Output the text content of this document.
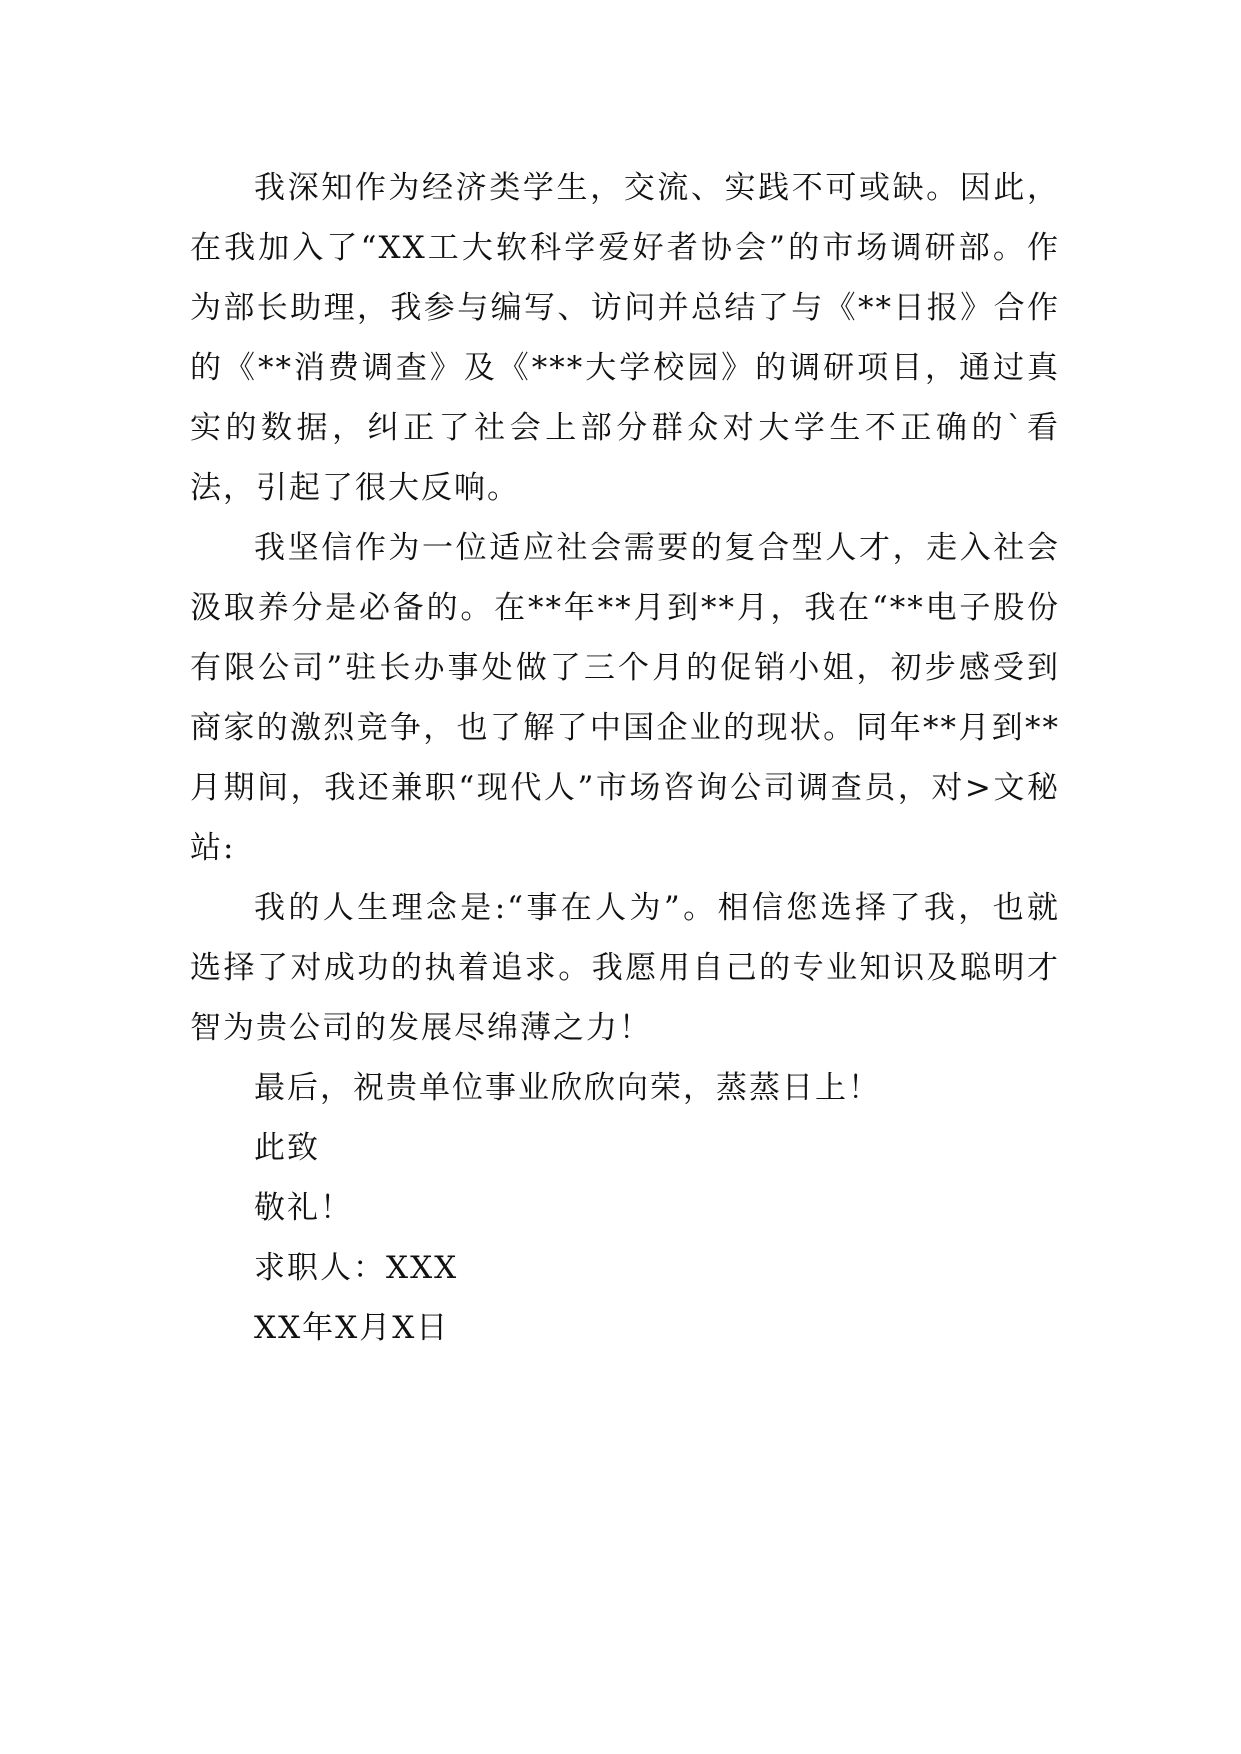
我深知作为经济类学生，交流、实践不可或缺。因此，在我加入了“XX工大软科学爱好者协会”的市场调研部。作为部长助理，我参与编写、访问并总结了与《**日报》合作的《**消费调查》及《***大学校园》的调研项目，通过真实的数据，纠正了社会上部分群众对大学生不正确的`看法，引起了很大反响。

我坚信作为一位适应社会需要的复合型人才，走入社会汲取养分是必备的。在**年**月到**月，我在“**电子股份有限公司”驻长办事处做了三个月的促销小姐，初步感受到商家的激烈竞争，也了解了中国企业的现状。同年**月到**月期间，我还兼职“现代人”市场咨询公司调查员，对>文秘站:

我的人生理念是:“事在人为”。相信您选择了我，也就选择了对成功的执着追求。我愿用自己的专业知识及聪明才智为贵公司的发展尽绵薄之力！

最后，祝贵单位事业欣欣向荣，蒸蒸日上！

此致

敬礼！

求职人：XXX

XX年X月X日
